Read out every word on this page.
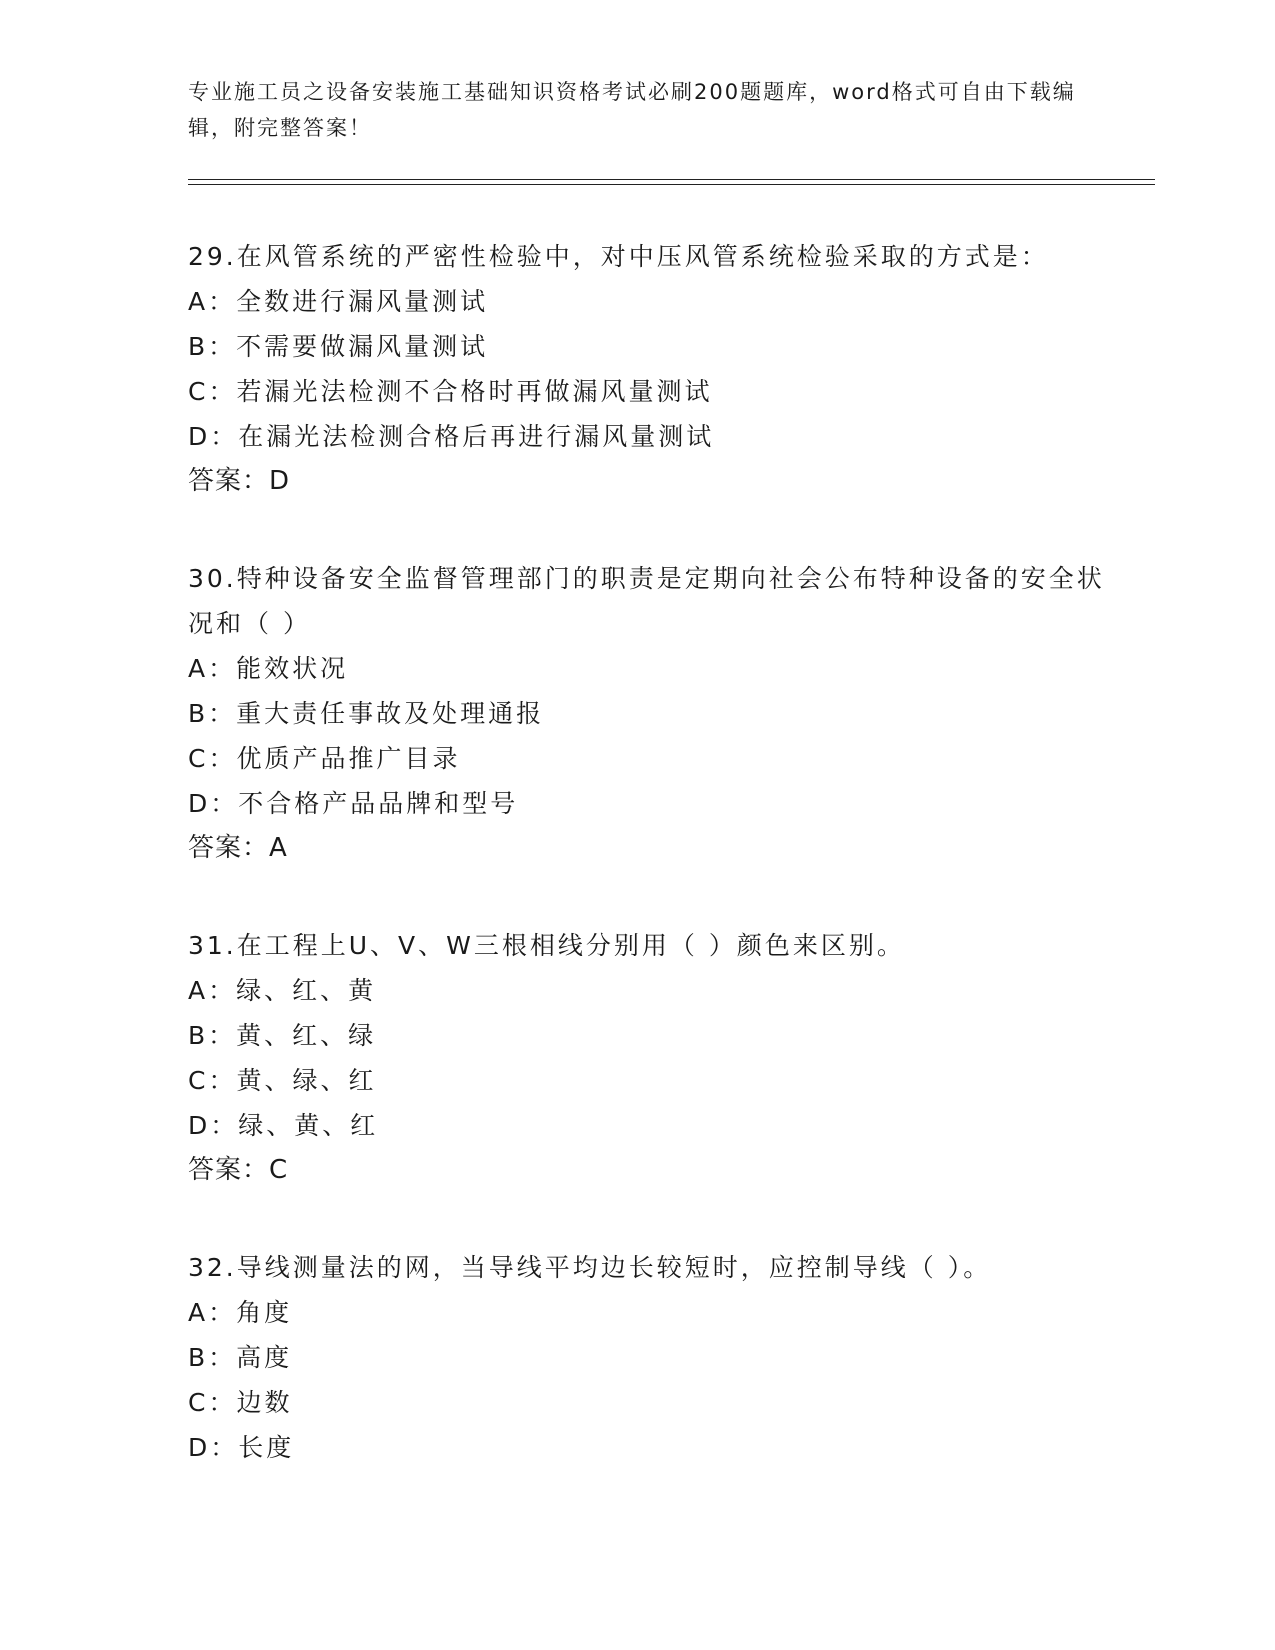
专业施工员之设备安装施工基础知识资格考试必刷200题题库，word格式可自由下载编辑，附完整答案！
29.在风管系统的严密性检验中，对中压风管系统检验采取的方式是：
A：全数进行漏风量测试
B：不需要做漏风量测试
C：若漏光法检测不合格时再做漏风量测试
D：在漏光法检测合格后再进行漏风量测试
答案：D
30.特种设备安全监督管理部门的职责是定期向社会公布特种设备的安全状况和（ ）
A：能效状况
B：重大责任事故及处理通报
C：优质产品推广目录
D：不合格产品品牌和型号
答案：A
31.在工程上U、V、W三根相线分别用（ ）颜色来区别。
A：绿、红、黄
B：黄、红、绿
C：黄、绿、红
D：绿、黄、红
答案：C
32.导线测量法的网，当导线平均边长较短时，应控制导线（ ）。
A：角度
B：高度
C：边数
D：长度
